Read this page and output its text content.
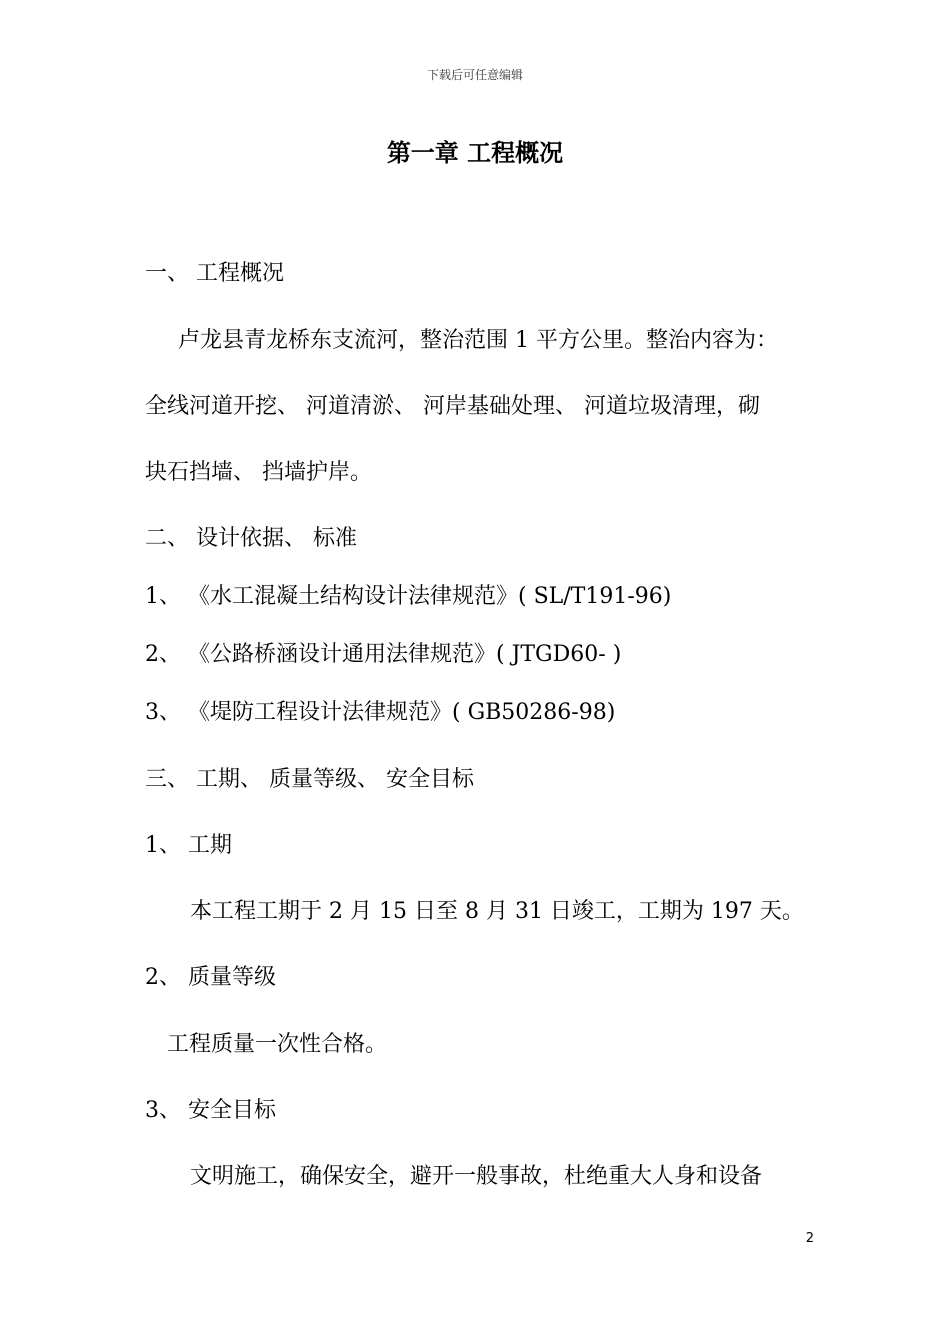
下载后可任意编辑
第一章 工程概况
一、 工程概况
卢龙县青龙桥东支流河，整治范围 1 平方公里。整治内容为：
全线河道开挖、 河道清淤、 河岸基础处理、 河道垃圾清理，砌
块石挡墙、 挡墙护岸。
二、 设计依据、 标准
1、 《水工混凝土结构设计法律规范》( SL/T191-96)
2、 《公路桥涵设计通用法律规范》( JTGD60- )
3、 《堤防工程设计法律规范》( GB50286-98)
三、 工期、 质量等级、 安全目标
1、 工期
本工程工期于 2 月 15 日至 8 月 31 日竣工，工期为 197 天。
2、 质量等级
工程质量一次性合格。
3、 安全目标
文明施工，确保安全，避开一般事故，杜绝重大人身和设备
2
